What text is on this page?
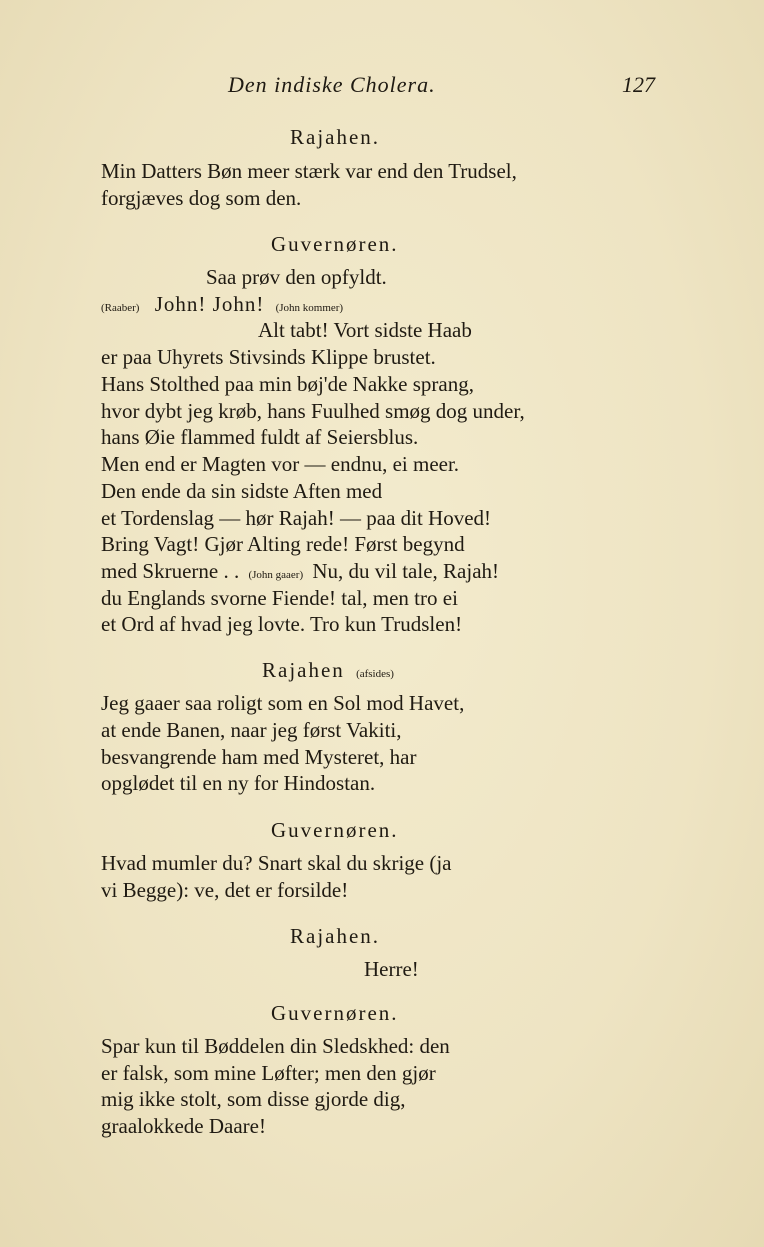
Den indiske Cholera.	127
Rajahen.
Min Datters Bøn meer stærk var end den Trudsel,
forgjæves dog som den.
Guvernøren.
Saa prøv den opfyldt.
(Raaber) John! John! (John kommer)
Alt tabt! Vort sidste Haab
er paa Uhyrets Stivsinds Klippe brustet.
Hans Stolthed paa min bøj'de Nakke sprang,
hvor dybt jeg krøb, hans Fuulhed smøg dog under,
hans Øie flammed fuldt af Seiersblus.
Men end er Magten vor — endnu, ei meer.
Den ende da sin sidste Aften med
et Tordenslag — hør Rajah! — paa dit Hoved!
Bring Vagt! Gjør Alting rede! Først begynd
med Skruerne . . (John gaaer) Nu, du vil tale, Rajah!
du Englands svorne Fiende! tal, men tro ei
et Ord af hvad jeg lovte. Tro kun Trudslen!
Rajahen (afsides)
Jeg gaaer saa roligt som en Sol mod Havet,
at ende Banen, naar jeg først Vakiti,
besvangrende ham med Mysteret, har
opglødet til en ny for Hindostan.
Guvernøren.
Hvad mumler du? Snart skal du skrige (ja
vi Begge): ve, det er forsilde!
Rajahen.
Herre!
Guvernøren.
Spar kun til Bøddelen din Sledskhed: den
er falsk, som mine Løfter; men den gjør
mig ikke stolt, som disse gjorde dig,
graalokkede Daare!
